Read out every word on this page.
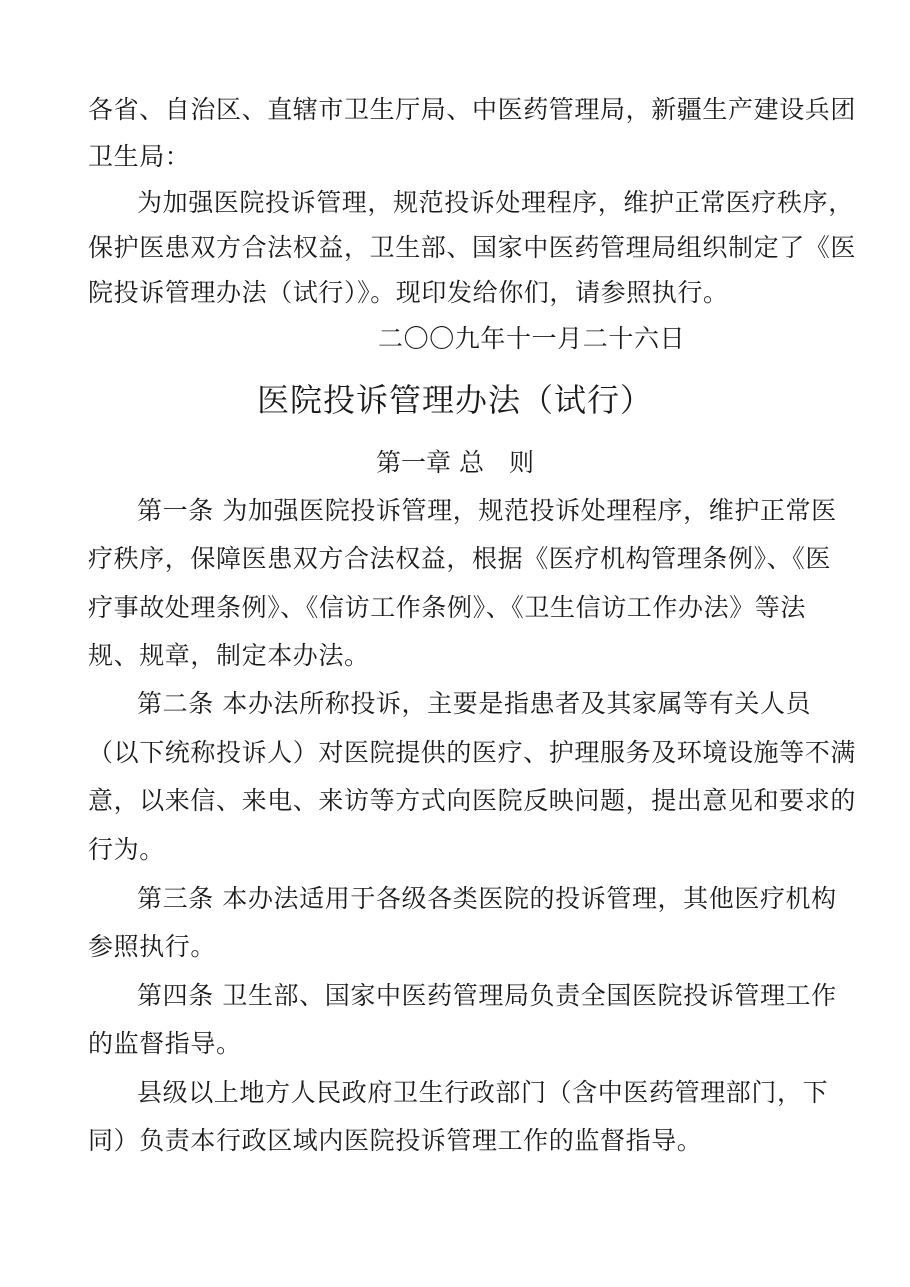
各省、自治区、直辖市卫生厅局、中医药管理局，新疆生产建设兵团
卫生局：
为加强医院投诉管理，规范投诉处理程序，维护正常医疗秩序，
保护医患双方合法权益，卫生部、国家中医药管理局组织制定了《医
院投诉管理办法（试行）》。现印发给你们，请参照执行。
二〇〇九年十一月二十六日
医院投诉管理办法（试行）
第一章 总　则
第一条 为加强医院投诉管理，规范投诉处理程序，维护正常医
疗秩序，保障医患双方合法权益，根据《医疗机构管理条例》、《医
疗事故处理条例》、《信访工作条例》、《卫生信访工作办法》等法
规、规章，制定本办法。
第二条 本办法所称投诉，主要是指患者及其家属等有关人员
（以下统称投诉人）对医院提供的医疗、护理服务及环境设施等不满
意，以来信、来电、来访等方式向医院反映问题，提出意见和要求的
行为。
第三条 本办法适用于各级各类医院的投诉管理，其他医疗机构
参照执行。
第四条 卫生部、国家中医药管理局负责全国医院投诉管理工作
的监督指导。
县级以上地方人民政府卫生行政部门（含中医药管理部门，下
同）负责本行政区域内医院投诉管理工作的监督指导。
